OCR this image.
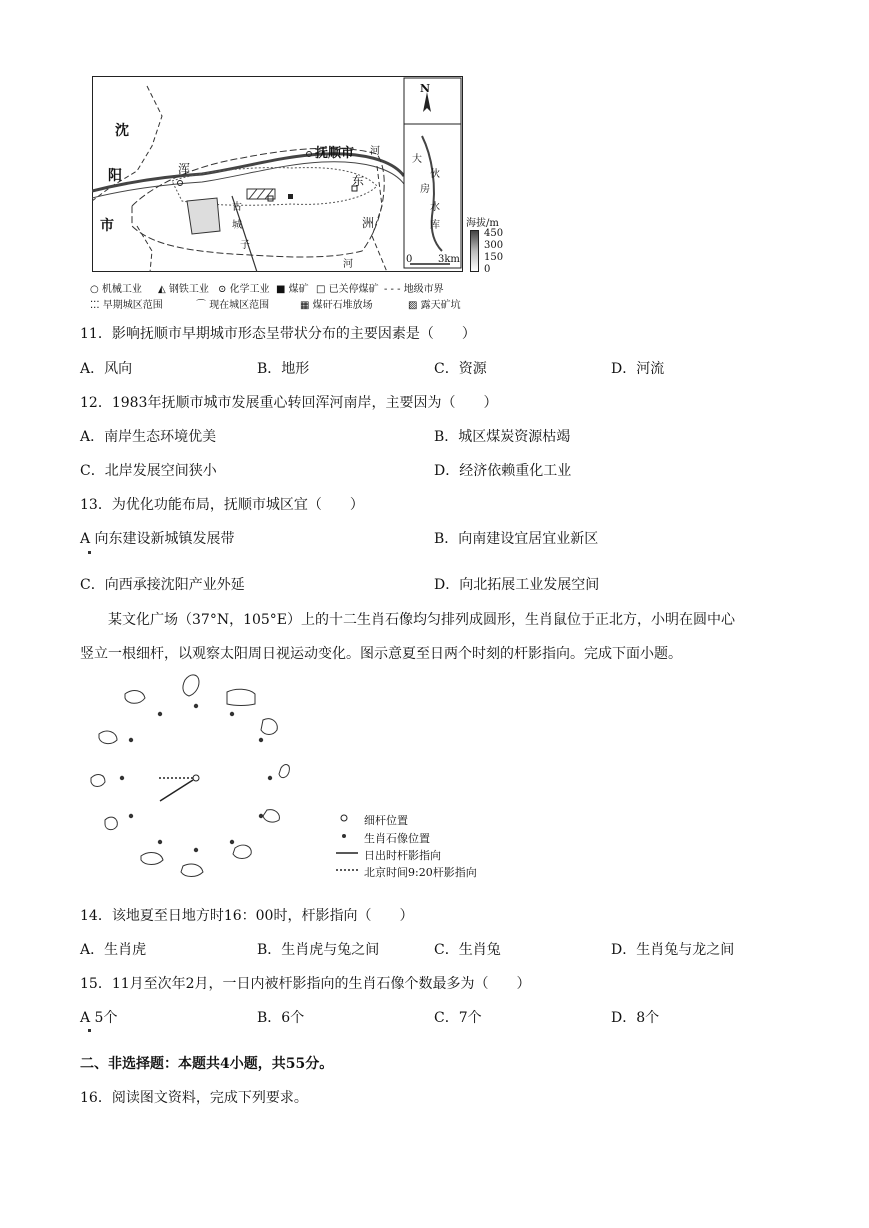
沈
阳
市
抚顺市 河
浑
东
洲
古
城
子
河
大
伙
房
水
库
N
0	3km
海拔/m
450
300
150
0
○ 机械工业 ◭ 钢铁工业 ⊙ 化学工业 ■ 煤矿 □ 已关停煤矿 - - - 地级市界
⁚⁚⁚ 早期城区范围	⌒ 现在城区范围	▦ 煤矸石堆放场	▨ 露天矿坑
11．影响抚顺市早期城市形态呈带状分布的主要因素是（　　）
A．风向	B．地形	C．资源	D．河流
12．1983年抚顺市城市发展重心转回浑河南岸，主要因为（　　）
A．南岸生态环境优美	B．城区煤炭资源枯竭
C．北岸发展空间狭小	D．经济依赖重化工业
13．为优化功能布局，抚顺市城区宜（　　）
A 向东建设新城镇发展带	B．向南建设宜居宜业新区
C．向西承接沈阳产业外延	D．向北拓展工业发展空间
某文化广场（37°N，105°E）上的十二生肖石像均匀排列成圆形，生肖鼠位于正北方，小明在圆中心
竖立一根细杆，以观察太阳周日视运动变化。图示意夏至日两个时刻的杆影指向。完成下面小题。
细杆位置
生肖石像位置
日出时杆影指向
北京时间9:20杆影指向
14．该地夏至日地方时16：00时，杆影指向（　　）
A．生肖虎	B．生肖虎与兔之间	C．生肖兔	D．生肖兔与龙之间
15．11月至次年2月，一日内被杆影指向的生肖石像个数最多为（　　）
A 5个	B．6个	C．7个	D．8个
二、非选择题：本题共4小题，共55分。
16．阅读图文资料，完成下列要求。
